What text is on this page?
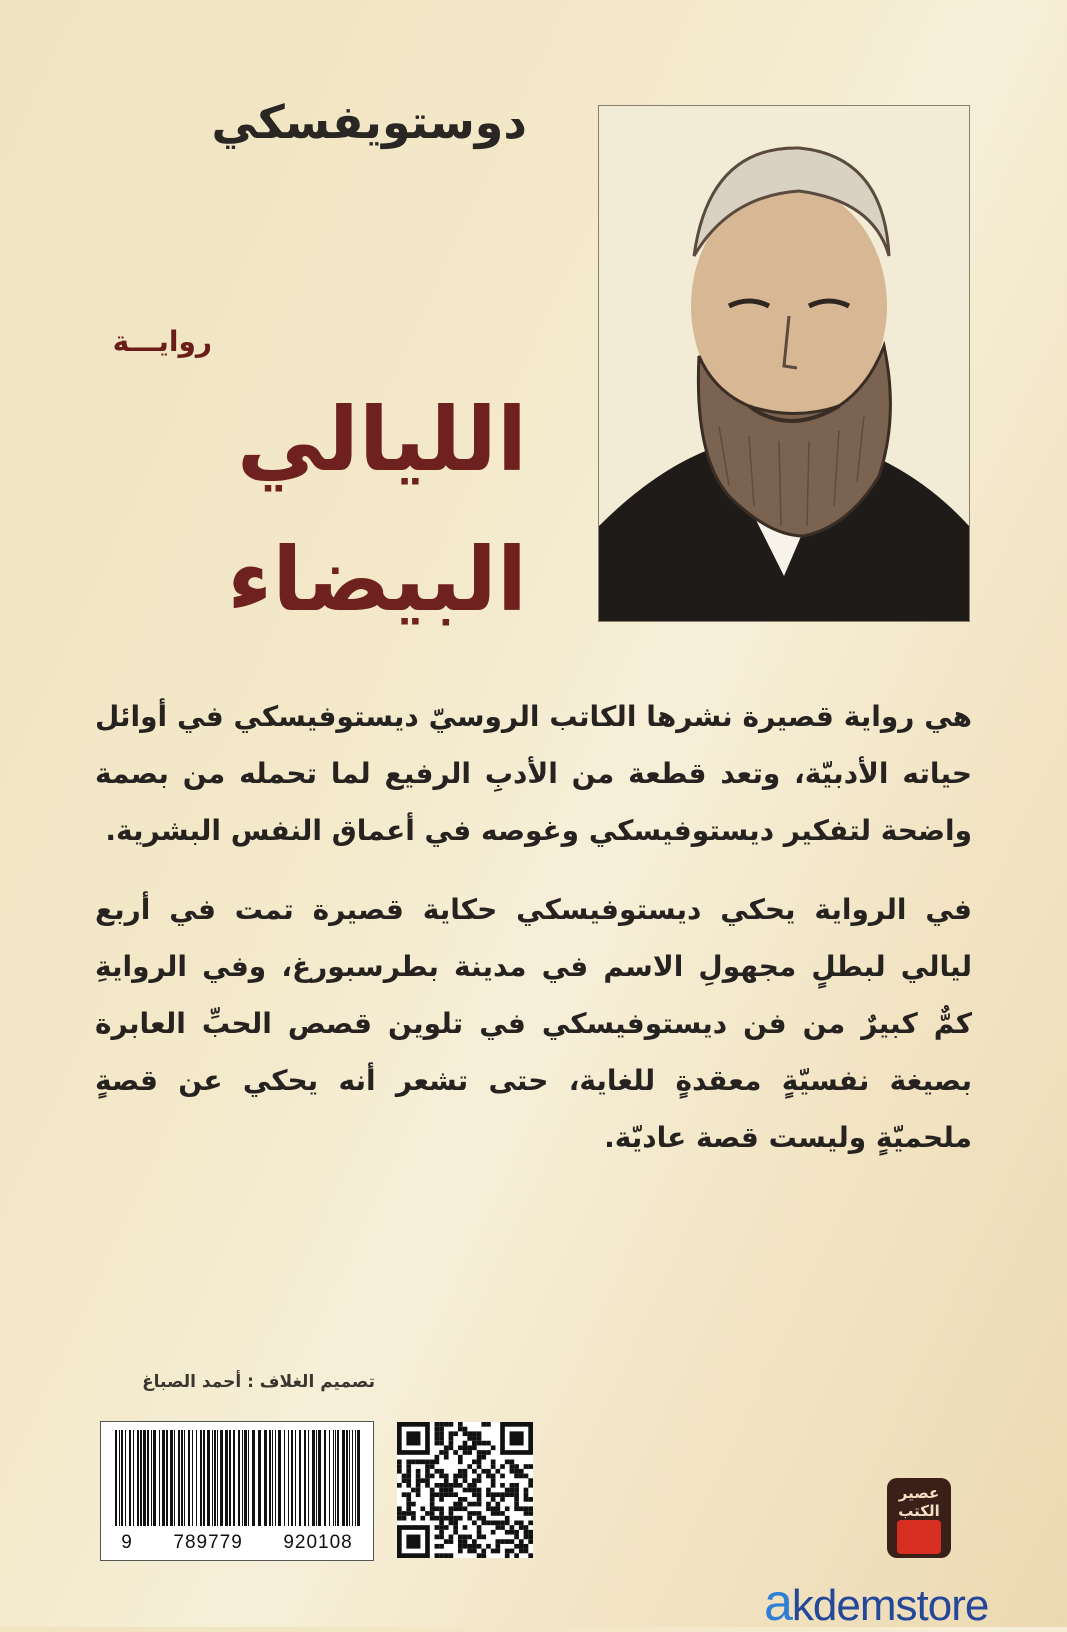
دوستويفسكي
روايـــة
الليالي
البيضاء

هي رواية قصيرة نشرها الكاتب الروسيّ ديستوفيسكي في أوائل حياته الأدبيّة، وتعد قطعة من الأدبِ الرفيع لما تحمله من بصمة واضحة لتفكير ديستوفيسكي وغوصه في أعماق النفس البشرية.

في الرواية يحكي ديستوفيسكي حكاية قصيرة تمت في أربع ليالي لبطلٍ مجهولِ الاسم في مدينة بطرسبورغ، وفي الروايةِ كمٌّ كبيرٌ من فن ديستوفيسكي في تلوين قصص الحبِّ العابرة بصيغة نفسيّةٍ معقدةٍ للغاية، حتى تشعر أنه يحكي عن قصةٍ ملحميّةٍ وليست قصة عاديّة.

تصميم الغلاف : أحمد الصباغ
9 789779 920108
عصير الكتب
akdemstore
